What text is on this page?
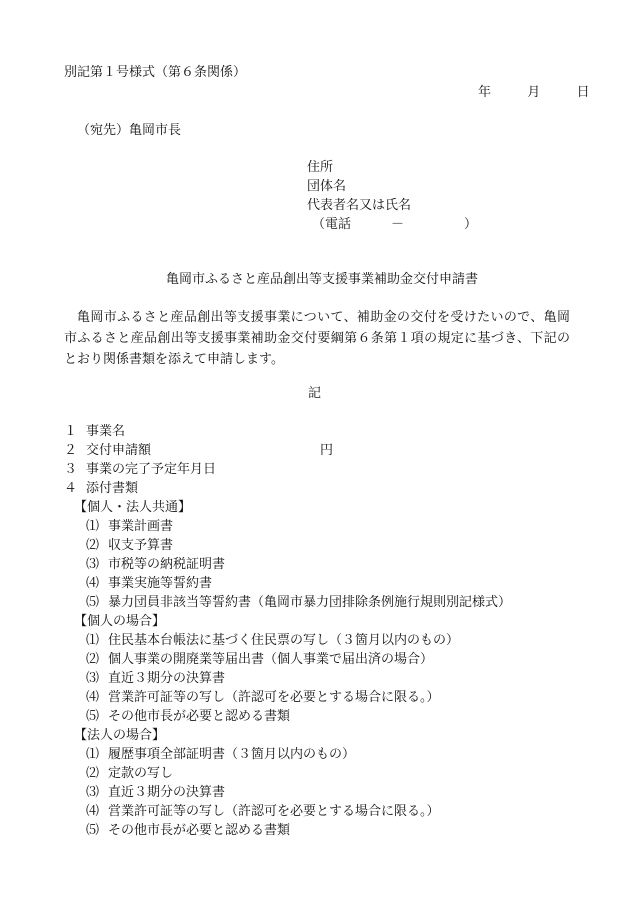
別記第１号様式（第６条関係）
年	月	日
（宛先）亀岡市長
住所
団体名
代表者名又は氏名
（電話	－	）
亀岡市ふるさと産品創出等支援事業補助金交付申請書
亀岡市ふるさと産品創出等支援事業について、補助金の交付を受けたいので、亀岡市ふるさと産品創出等支援事業補助金交付要綱第６条第１項の規定に基づき、下記のとおり関係書類を添えて申請します。
記
１ 事業名
２ 交付申請額	円
３ 事業の完了予定年月日
４ 添付書類
【個人・法人共通】
⑴ 事業計画書
⑵ 収支予算書
⑶ 市税等の納税証明書
⑷ 事業実施等誓約書
⑸ 暴力団員非該当等誓約書（亀岡市暴力団排除条例施行規則別記様式）
【個人の場合】
⑴ 住民基本台帳法に基づく住民票の写し（３箇月以内のもの）
⑵ 個人事業の開廃業等届出書（個人事業で届出済の場合）
⑶ 直近３期分の決算書
⑷ 営業許可証等の写し（許認可を必要とする場合に限る。）
⑸ その他市長が必要と認める書類
【法人の場合】
⑴ 履歴事項全部証明書（３箇月以内のもの）
⑵ 定款の写し
⑶ 直近３期分の決算書
⑷ 営業許可証等の写し（許認可を必要とする場合に限る。）
⑸ その他市長が必要と認める書類
